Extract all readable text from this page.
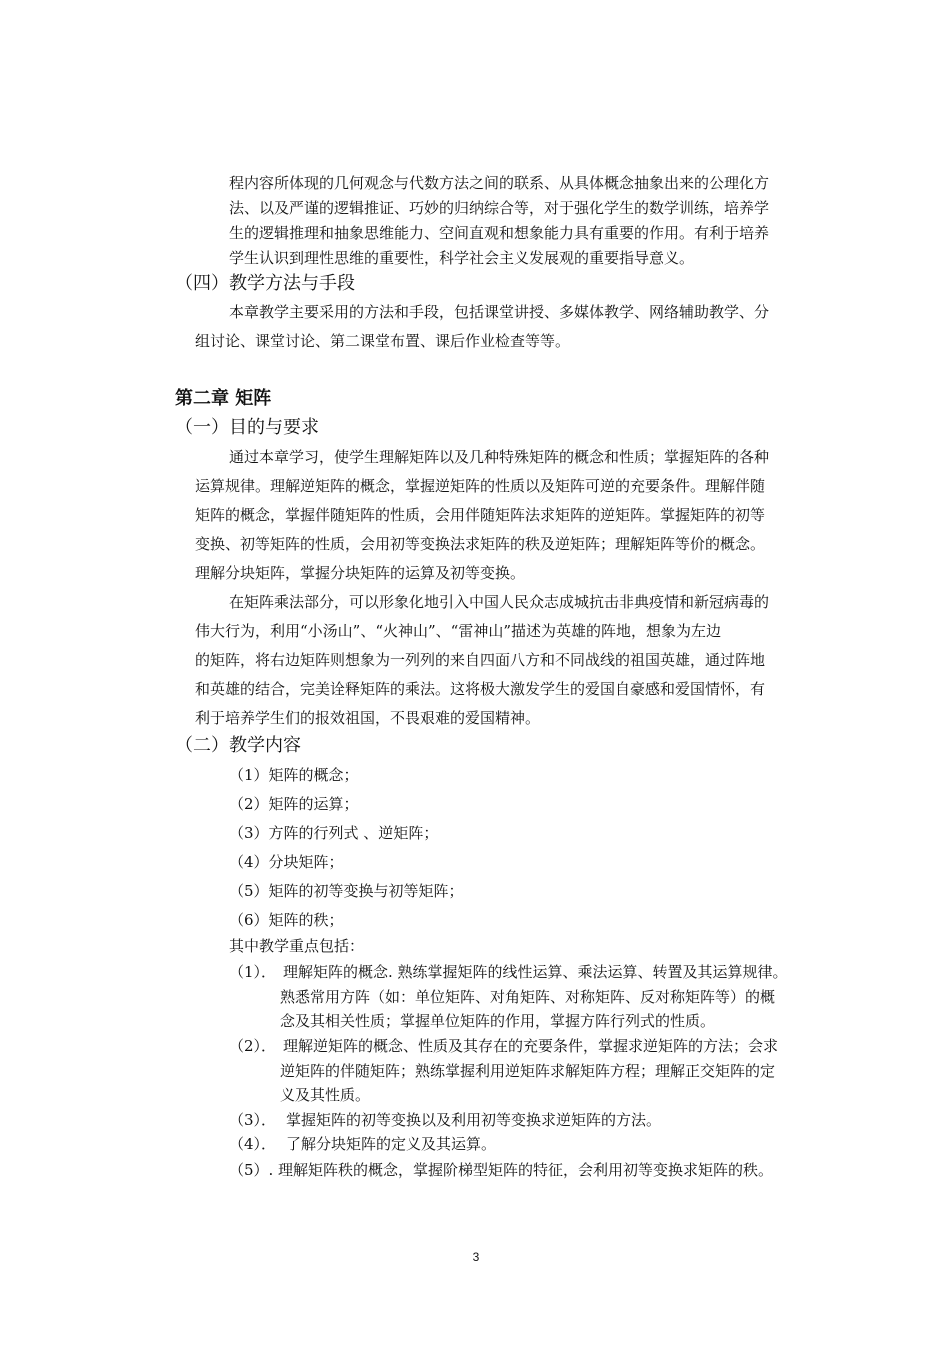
程内容所体现的几何观念与代数方法之间的联系、从具体概念抽象出来的公理化方
法、以及严谨的逻辑推证、巧妙的归纳综合等，对于强化学生的数学训练，培养学
生的逻辑推理和抽象思维能力、空间直观和想象能力具有重要的作用。有利于培养
学生认识到理性思维的重要性，科学社会主义发展观的重要指导意义。
（四）教学方法与手段
本章教学主要采用的方法和手段，包括课堂讲授、多媒体教学、网络辅助教学、分
组讨论、课堂讨论、第二课堂布置、课后作业检查等等。
第二章 矩阵
（一）目的与要求
通过本章学习，使学生理解矩阵以及几种特殊矩阵的概念和性质；掌握矩阵的各种
运算规律。理解逆矩阵的概念，掌握逆矩阵的性质以及矩阵可逆的充要条件。理解伴随
矩阵的概念，掌握伴随矩阵的性质，会用伴随矩阵法求矩阵的逆矩阵。掌握矩阵的初等
变换、初等矩阵的性质，会用初等变换法求矩阵的秩及逆矩阵；理解矩阵等价的概念。
理解分块矩阵，掌握分块矩阵的运算及初等变换。
在矩阵乘法部分，可以形象化地引入中国人民众志成城抗击非典疫情和新冠病毒的
伟大行为，利用“小汤山”、“火神山”、“雷神山”描述为英雄的阵地，想象为左边
的矩阵，将右边矩阵则想象为一列列的来自四面八方和不同战线的祖国英雄，通过阵地
和英雄的结合，完美诠释矩阵的乘法。这将极大激发学生的爱国自豪感和爱国情怀，有
利于培养学生们的报效祖国，不畏艰难的爱国精神。
（二）教学内容
（1）矩阵的概念；
（2）矩阵的运算；
（3）方阵的行列式 、逆矩阵；
（4）分块矩阵；
（5）矩阵的初等变换与初等矩阵；
（6）矩阵的秩；
其中教学重点包括：
（1）． 理解矩阵的概念. 熟练掌握矩阵的线性运算、乘法运算、转置及其运算规律。
熟悉常用方阵（如：单位矩阵、对角矩阵、对称矩阵、反对称矩阵等）的概
念及其相关性质；掌握单位矩阵的作用，掌握方阵行列式的性质。
（2）． 理解逆矩阵的概念、性质及其存在的充要条件，掌握求逆矩阵的方法；会求
逆矩阵的伴随矩阵；熟练掌握利用逆矩阵求解矩阵方程；理解正交矩阵的定
义及其性质。
（3）． 掌握矩阵的初等变换以及利用初等变换求逆矩阵的方法。
（4）． 了解分块矩阵的定义及其运算。
（5）. 理解矩阵秩的概念，掌握阶梯型矩阵的特征，会利用初等变换求矩阵的秩。
3
